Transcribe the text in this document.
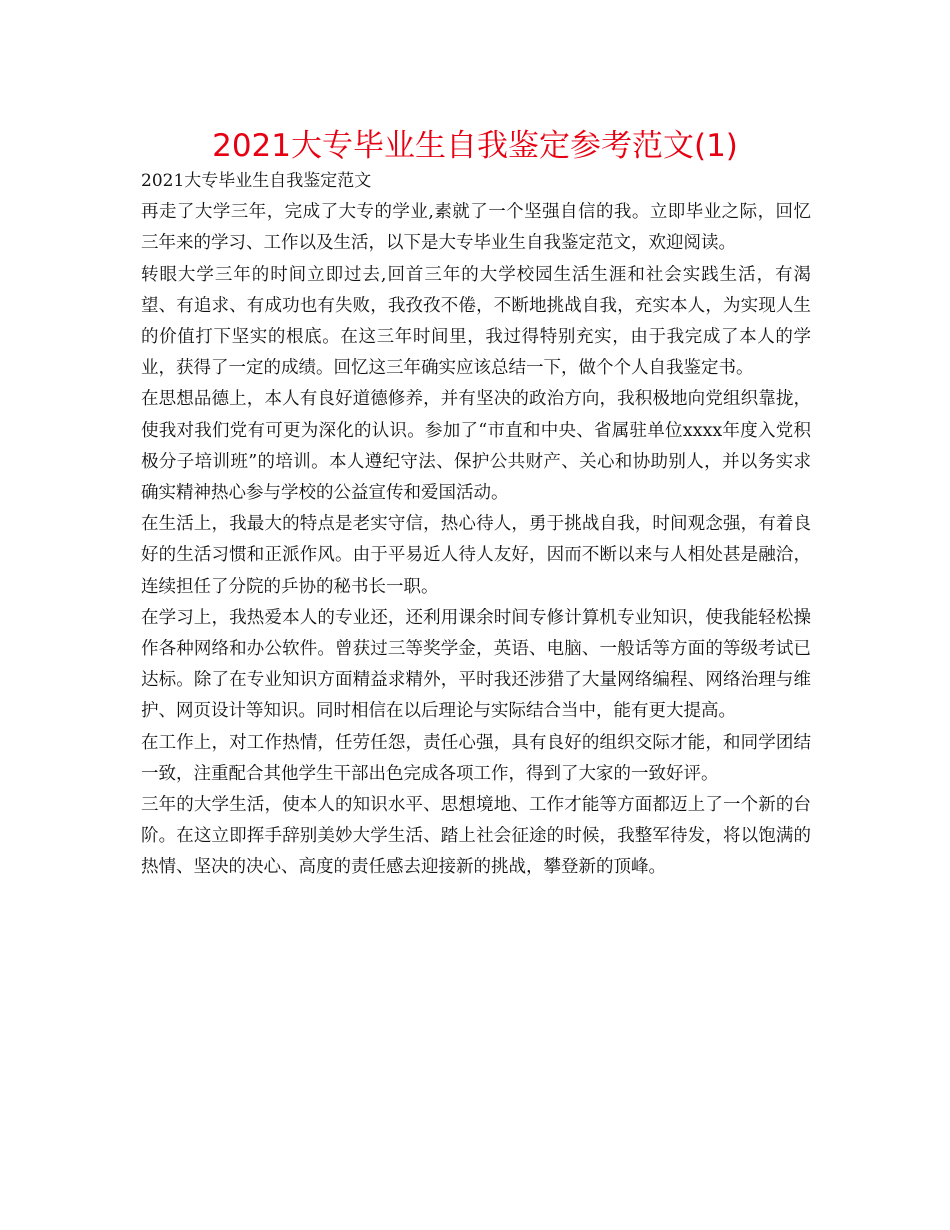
2021大专毕业生自我鉴定参考范文(1)

2021大专毕业生自我鉴定范文

再走了大学三年，完成了大专的学业,素就了一个坚强自信的我。立即毕业之际，回忆三年来的学习、工作以及生活，以下是大专毕业生自我鉴定范文，欢迎阅读。

转眼大学三年的时间立即过去,回首三年的大学校园生活生涯和社会实践生活，有渴望、有追求、有成功也有失败，我孜孜不倦，不断地挑战自我，充实本人，为实现人生的价值打下坚实的根底。在这三年时间里，我过得特别充实，由于我完成了本人的学业，获得了一定的成绩。回忆这三年确实应该总结一下，做个个人自我鉴定书。

在思想品德上，本人有良好道德修养，并有坚决的政治方向，我积极地向党组织靠拢，使我对我们党有可更为深化的认识。参加了“市直和中央、省属驻单位xxxx年度入党积极分子培训班”的培训。本人遵纪守法、保护公共财产、关心和协助别人，并以务实求确实精神热心参与学校的公益宣传和爱国活动。

在生活上，我最大的特点是老实守信，热心待人，勇于挑战自我，时间观念强，有着良好的生活习惯和正派作风。由于平易近人待人友好，因而不断以来与人相处甚是融洽，连续担任了分院的乒协的秘书长一职。

在学习上，我热爱本人的专业还，还利用课余时间专修计算机专业知识，使我能轻松操作各种网络和办公软件。曾获过三等奖学金，英语、电脑、一般话等方面的等级考试已达标。除了在专业知识方面精益求精外，平时我还涉猎了大量网络编程、网络治理与维护、网页设计等知识。同时相信在以后理论与实际结合当中，能有更大提高。

在工作上，对工作热情，任劳任怨，责任心强，具有良好的组织交际才能，和同学团结一致，注重配合其他学生干部出色完成各项工作，得到了大家的一致好评。

三年的大学生活，使本人的知识水平、思想境地、工作才能等方面都迈上了一个新的台阶。在这立即挥手辞别美妙大学生活、踏上社会征途的时候，我整军待发，将以饱满的热情、坚决的决心、高度的责任感去迎接新的挑战，攀登新的顶峰。
